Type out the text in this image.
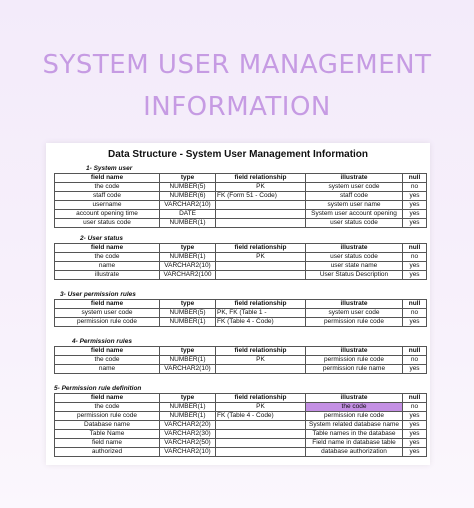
SYSTEM USER MANAGEMENT
INFORMATION
Data Structure - System User Management Information
1- System user
field name	type	field relationship	illustrate	null
the code	NUMBER(5)	PK	system user code	no
staff code	NUMBER(6)	FK (Form 51 - Code)	staff code	yes
username	VARCHAR2(10)		system user name	yes
account opening time	DATE		System user account opening	yes
user status code	NUMBER(1)		user status code	yes
2- User status
field name	type	field relationship	illustrate	null
the code	NUMBER(1)	PK	user status code	no
name	VARCHAR2(10)		user state name	yes
illustrate	VARCHAR2(100		User Status Description	yes
3- User permission rules
field name	type	field relationship	illustrate	null
system user code	NUMBER(5)	PK, FK (Table 1 -	system user code	no
permission rule code	NUMBER(1)	FK (Table 4 - Code)	permission rule code	yes
4- Permission rules
field name	type	field relationship	illustrate	null
the code	NUMBER(1)	PK	permission rule code	no
name	VARCHAR2(10)		permission rule name	yes
5- Permission rule definition
field name	type	field relationship	illustrate	null
the code	NUMBER(1)	PK	the code	no
permission rule code	NUMBER(1)	FK (Table 4 - Code)	permission rule code	yes
Database name	VARCHAR2(20)		System related database name	yes
Table Name	VARCHAR2(30)		Table names in the database	yes
field name	VARCHAR2(50)		Field name in database table	yes
authorized	VARCHAR2(10)		database authorization	yes
